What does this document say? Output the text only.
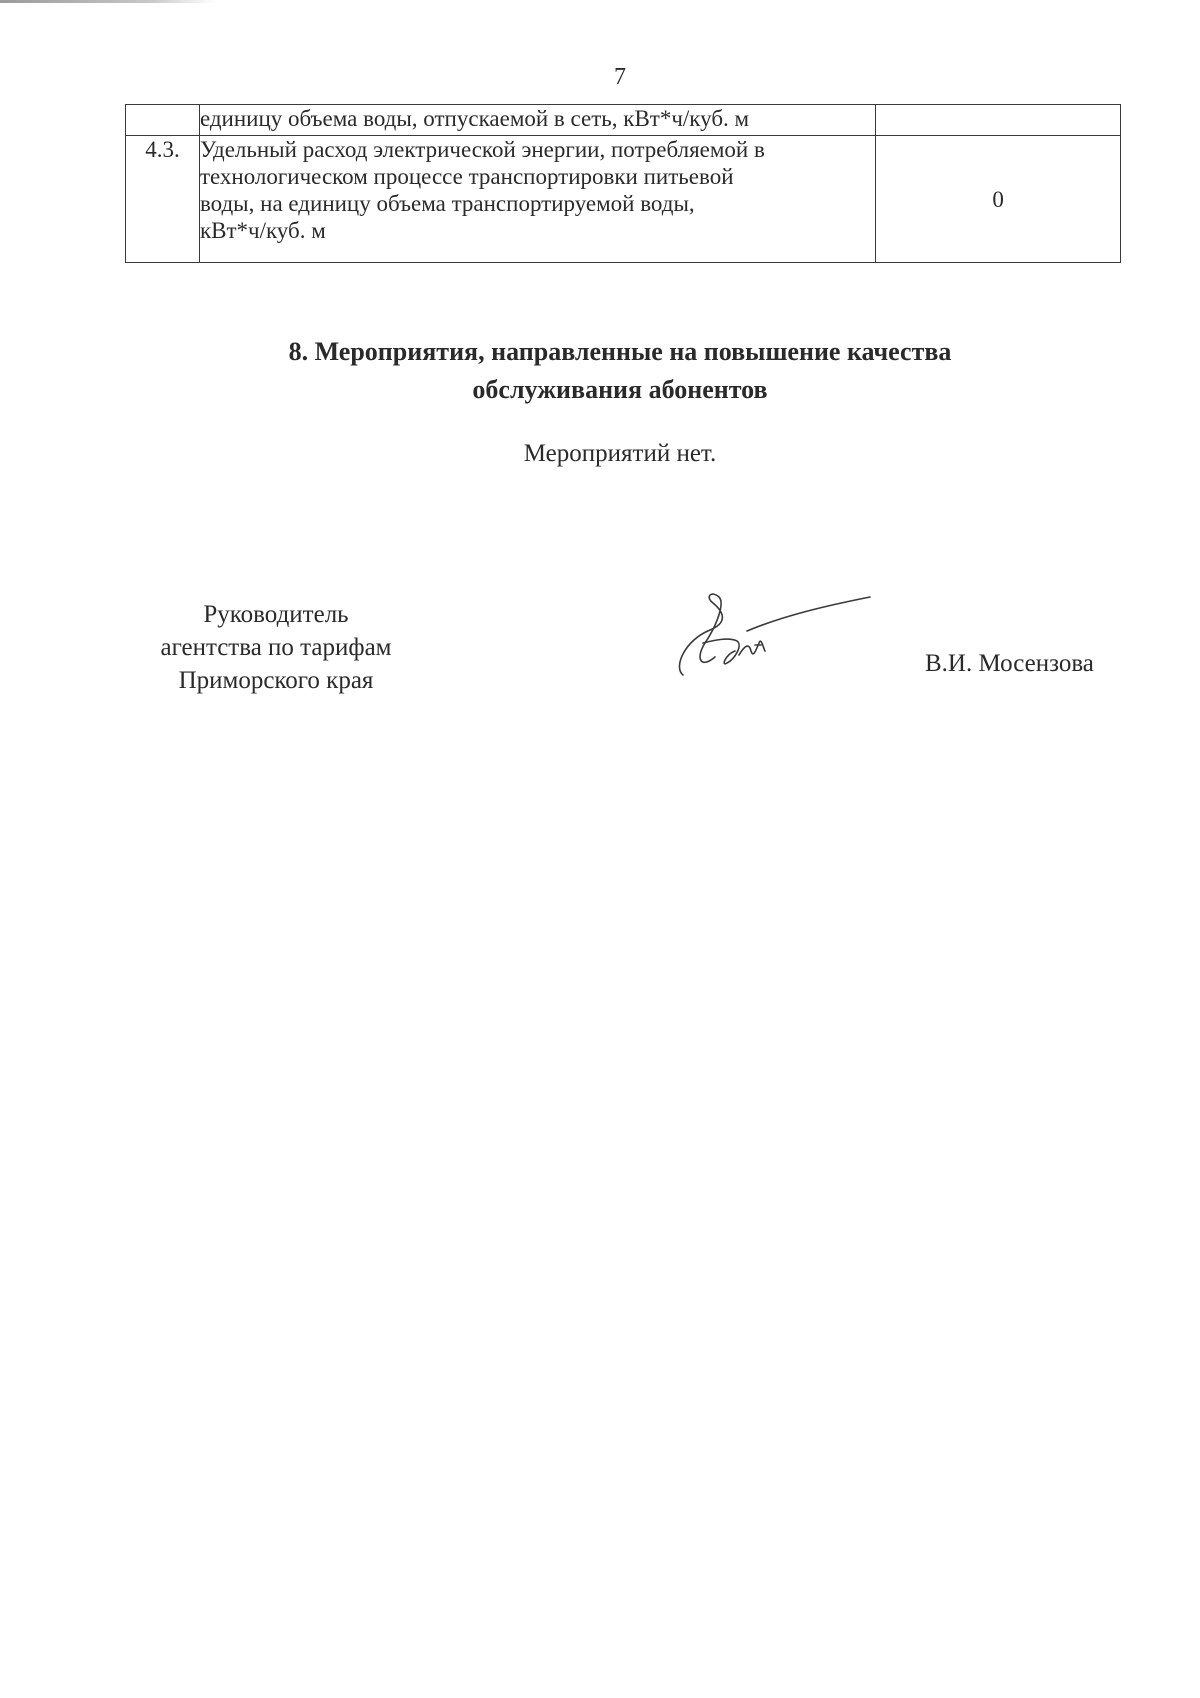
7

	единицу объема воды, отпускаемой в сеть, кВт*ч/куб. м	

4.3.	Удельный расход электрической энергии, потребляемой в
технологическом процессе транспортировки питьевой
воды, на единицу объема транспортируемой воды,
кВт*ч/куб. м	0
8. Мероприятия, направленные на повышение качества
обслуживания абонентов
Мероприятий нет.
Руководитель
агентства по тарифам
Приморского края
В.И. Мосензова
